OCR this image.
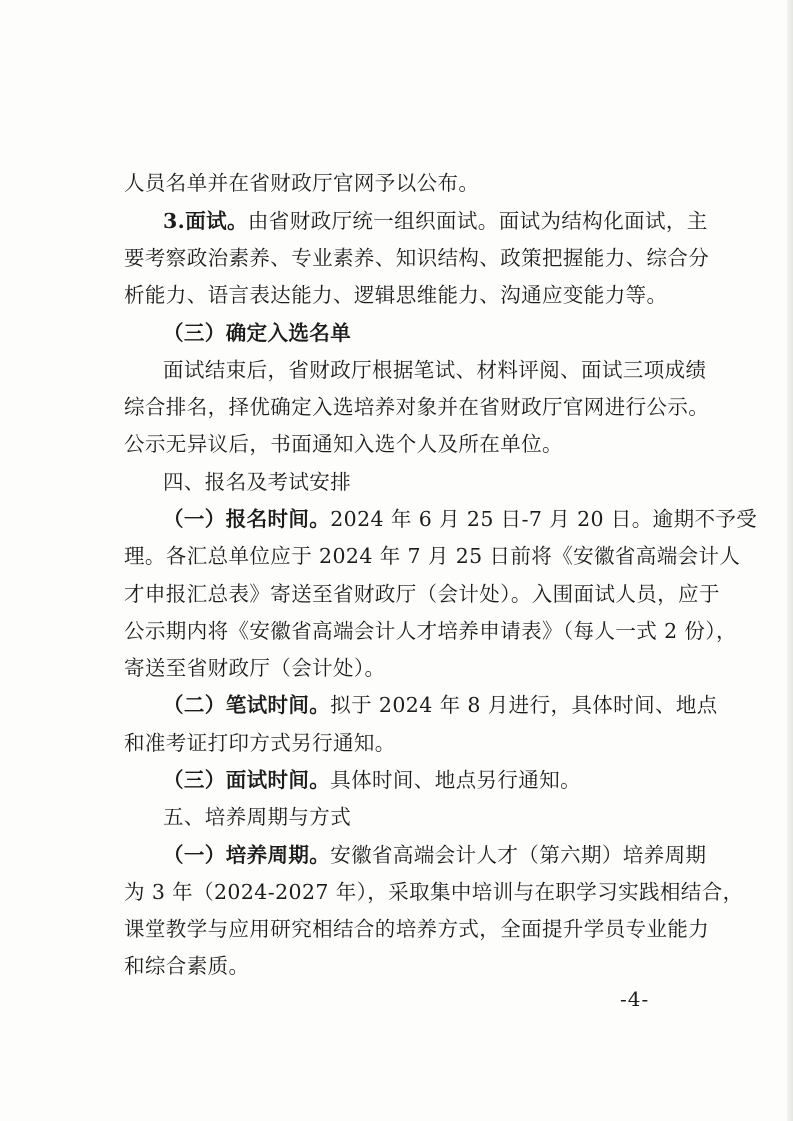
人员名单并在省财政厅官网予以公布。
3.面试。由省财政厅统一组织面试。面试为结构化面试，主
要考察政治素养、专业素养、知识结构、政策把握能力、综合分
析能力、语言表达能力、逻辑思维能力、沟通应变能力等。
（三）确定入选名单
面试结束后，省财政厅根据笔试、材料评阅、面试三项成绩
综合排名，择优确定入选培养对象并在省财政厅官网进行公示。
公示无异议后，书面通知入选个人及所在单位。
四、报名及考试安排
（一）报名时间。2024 年 6 月 25 日-7 月 20 日。逾期不予受
理。各汇总单位应于 2024 年 7 月 25 日前将《安徽省高端会计人
才申报汇总表》寄送至省财政厅（会计处）。入围面试人员，应于
公示期内将《安徽省高端会计人才培养申请表》（每人一式 2 份），
寄送至省财政厅（会计处）。
（二）笔试时间。拟于 2024 年 8 月进行，具体时间、地点
和准考证打印方式另行通知。
（三）面试时间。具体时间、地点另行通知。
五、培养周期与方式
（一）培养周期。安徽省高端会计人才（第六期）培养周期
为 3 年（2024-2027 年），采取集中培训与在职学习实践相结合，
课堂教学与应用研究相结合的培养方式，全面提升学员专业能力
和综合素质。
-4-
